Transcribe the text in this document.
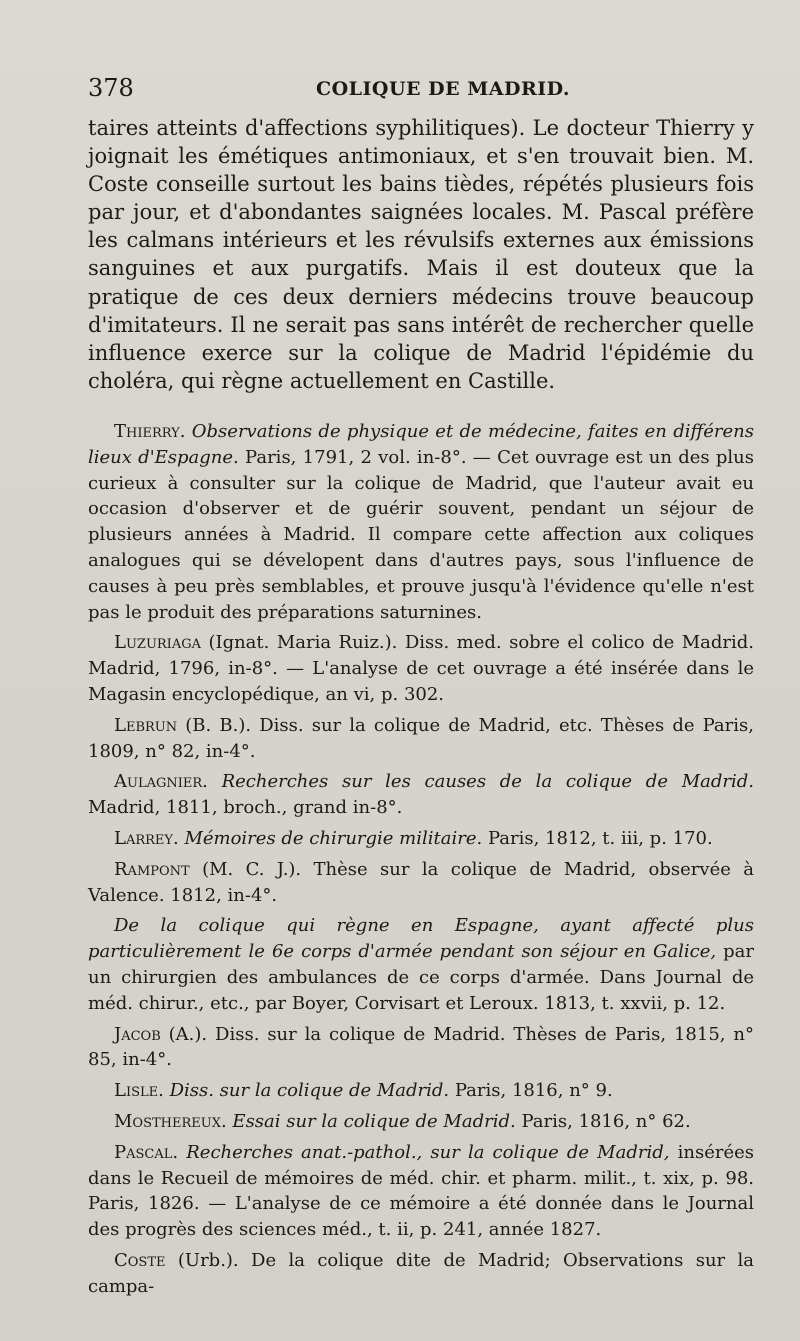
378	COLIQUE DE MADRID.

taires atteints d'affections syphilitiques). Le docteur Thierry y joignait les émétiques antimoniaux, et s'en trouvait bien. M. Coste conseille surtout les bains tièdes, répétés plusieurs fois par jour, et d'abondantes saignées locales. M. Pascal préfère les calmans intérieurs et les révulsifs externes aux émissions sanguines et aux purgatifs. Mais il est douteux que la pratique de ces deux derniers médecins trouve beaucoup d'imitateurs. Il ne serait pas sans intérêt de rechercher quelle influence exerce sur la colique de Madrid l'épidémie du choléra, qui règne actuellement en Castille.

Thierry. Observations de physique et de médecine, faites en différens lieux d'Espagne. Paris, 1791, 2 vol. in-8°. — Cet ouvrage est un des plus curieux à consulter sur la colique de Madrid, que l'auteur avait eu occasion d'observer et de guérir souvent, pendant un séjour de plusieurs années à Madrid. Il compare cette affection aux coliques analogues qui se dévelopent dans d'autres pays, sous l'influence de causes à peu près semblables, et prouve jusqu'à l'évidence qu'elle n'est pas le produit des préparations saturnines.

Luzuriaga (Ignat. Maria Ruiz.). Diss. med. sobre el colico de Madrid. Madrid, 1796, in-8°. — L'analyse de cet ouvrage a été insérée dans le Magasin encyclopédique, an vi, p. 302.

Lebrun (B. B.). Diss. sur la colique de Madrid, etc. Thèses de Paris, 1809, n° 82, in-4°.

Aulagnier. Recherches sur les causes de la colique de Madrid. Madrid, 1811, broch., grand in-8°.

Larrey. Mémoires de chirurgie militaire. Paris, 1812, t. iii, p. 170.

Rampont (M. C. J.). Thèse sur la colique de Madrid, observée à Valence. 1812, in-4°.

De la colique qui règne en Espagne, ayant affecté plus particulièrement le 6e corps d'armée pendant son séjour en Galice, par un chirurgien des ambulances de ce corps d'armée. Dans Journal de méd. chirur., etc., par Boyer, Corvisart et Leroux. 1813, t. xxvii, p. 12.

Jacob (A.). Diss. sur la colique de Madrid. Thèses de Paris, 1815, n° 85, in-4°.

Lisle. Diss. sur la colique de Madrid. Paris, 1816, n° 9.

Mosthereux. Essai sur la colique de Madrid. Paris, 1816, n° 62.

Pascal. Recherches anat.-pathol., sur la colique de Madrid, insérées dans le Recueil de mémoires de méd. chir. et pharm. milit., t. xix, p. 98. Paris, 1826. — L'analyse de ce mémoire a été donnée dans le Journal des progrès des sciences méd., t. ii, p. 241, année 1827.

Coste (Urb.). De la colique dite de Madrid; Observations sur la campa-
